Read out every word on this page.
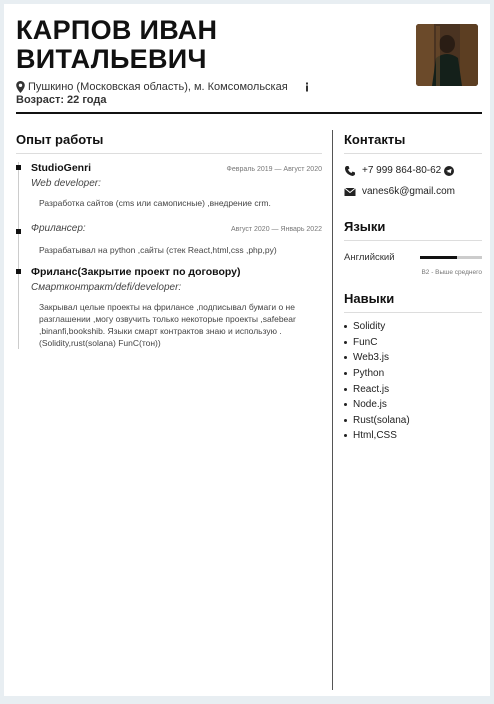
КАРПОВ ИВАН ВИТАЛЬЕВИЧ
Пушкино (Московская область), м. Комсомольская
Возраст: 22 года
Опыт работы
StudioGenri	Февраль 2019 — Август 2020
Web developer:
Разработка сайтов (cms или самописные) ,внедрение crm.
Фрилансер:	Август 2020 — Январь 2022
Разрабатывал на python ,сайты (стек React,html,css ,php,py)
Фриланс(Закрытие проект по договору)
Смартконтракт/defi/developer:
Закрывал целые проекты на фрилансе ,подписывал бумаги о не разглашении ,могу озвучить только некоторые проекты ,safebear ,binanfi,bookshib. Языки смарт контрактов знаю и использую . (Solidity,rust(solana) FunC(тон))
Контакты
+7 999 864-80-62
vanes6k@gmail.com
Языки
Английский
B2 - Выше среднего
Навыки
Solidity
FunC
Web3.js
Python
React.js
Node.js
Rust(solana)
Html,CSS
